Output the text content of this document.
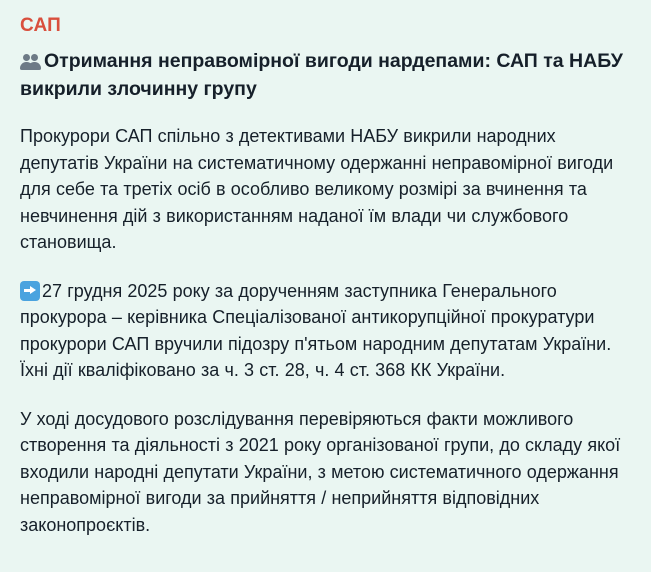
САП
Отримання неправомірної вигоди нардепами: САП та НАБУ викрили злочинну групу

Прокурори САП спільно з детективами НАБУ викрили народних депутатів України на систематичному одержанні неправомірної вигоди для себе та третіх осіб в особливо великому розмірі за вчинення та невчинення дій з використанням наданої їм влади чи службового становища.

27 грудня 2025 року за дорученням заступника Генерального прокурора – керівника Спеціалізованої антикорупційної прокуратури прокурори САП вручили підозру п'ятьом народним депутатам України. Їхні дії кваліфіковано за ч. 3 ст. 28, ч. 4 ст. 368 КК України.

У ході досудового розслідування перевіряються факти можливого створення та діяльності з 2021 року організованої групи, до складу якої входили народні депутати України, з метою систематичного одержання неправомірної вигоди за прийняття / неприйняття відповідних законопроєктів.
